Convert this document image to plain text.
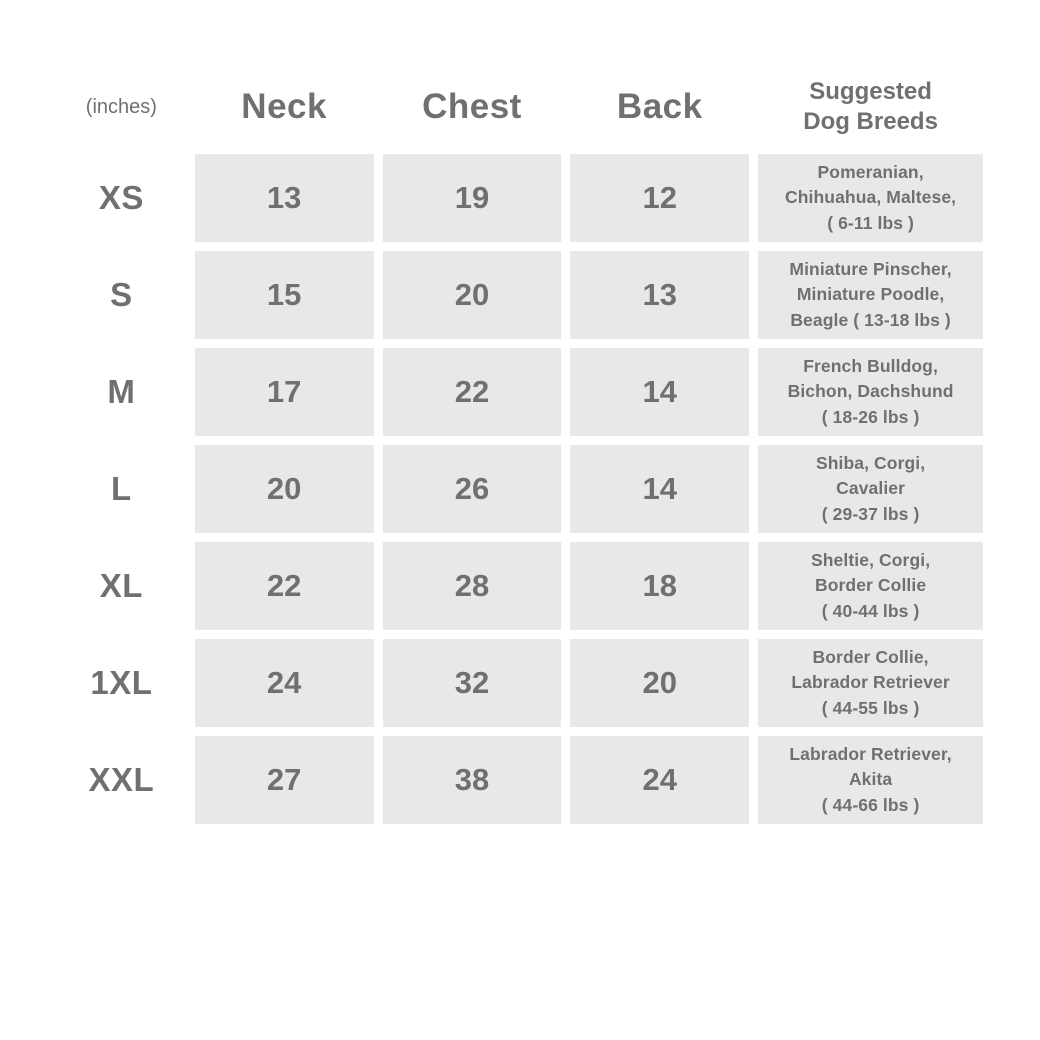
(inches)	Neck	Chest	Back	Suggested
Dog Breeds
XS	13	19	12	Pomeranian,
Chihuahua, Maltese,
( 6-11 lbs )

S	15	20	13	Miniature Pinscher,
Miniature Poodle,
Beagle ( 13-18 lbs )

M	17	22	14	French Bulldog,
Bichon, Dachshund
( 18-26 lbs )

L	20	26	14	Shiba, Corgi,
Cavalier
( 29-37 lbs )

XL	22	28	18	Sheltie, Corgi,
Border Collie
( 40-44 lbs )

1XL	24	32	20	Border Collie,
Labrador Retriever
( 44-55 lbs )

XXL	27	38	24	Labrador Retriever,
Akita
( 44-66 lbs )
